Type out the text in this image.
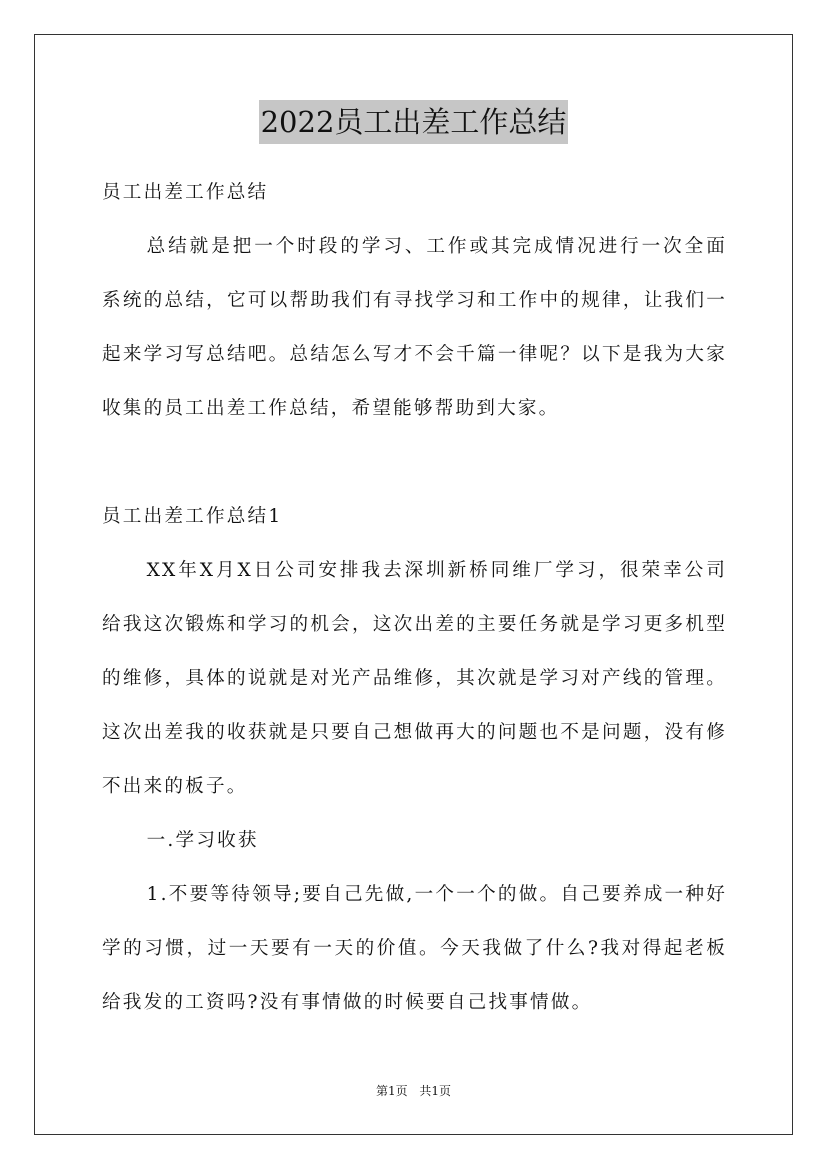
2022员工出差工作总结

员工出差工作总结

总结就是把一个时段的学习、工作或其完成情况进行一次全面系统的总结，它可以帮助我们有寻找学习和工作中的规律，让我们一起来学习写总结吧。总结怎么写才不会千篇一律呢？以下是我为大家收集的员工出差工作总结，希望能够帮助到大家。

员工出差工作总结1

XX年X月X日公司安排我去深圳新桥同维厂学习，很荣幸公司给我这次锻炼和学习的机会，这次出差的主要任务就是学习更多机型的维修，具体的说就是对光产品维修，其次就是学习对产线的管理。这次出差我的收获就是只要自己想做再大的问题也不是问题，没有修不出来的板子。

一.学习收获

1.不要等待领导;要自己先做,一个一个的做。自己要养成一种好学的习惯，过一天要有一天的价值。今天我做了什么?我对得起老板给我发的工资吗?没有事情做的时候要自己找事情做。

第1页 共1页
